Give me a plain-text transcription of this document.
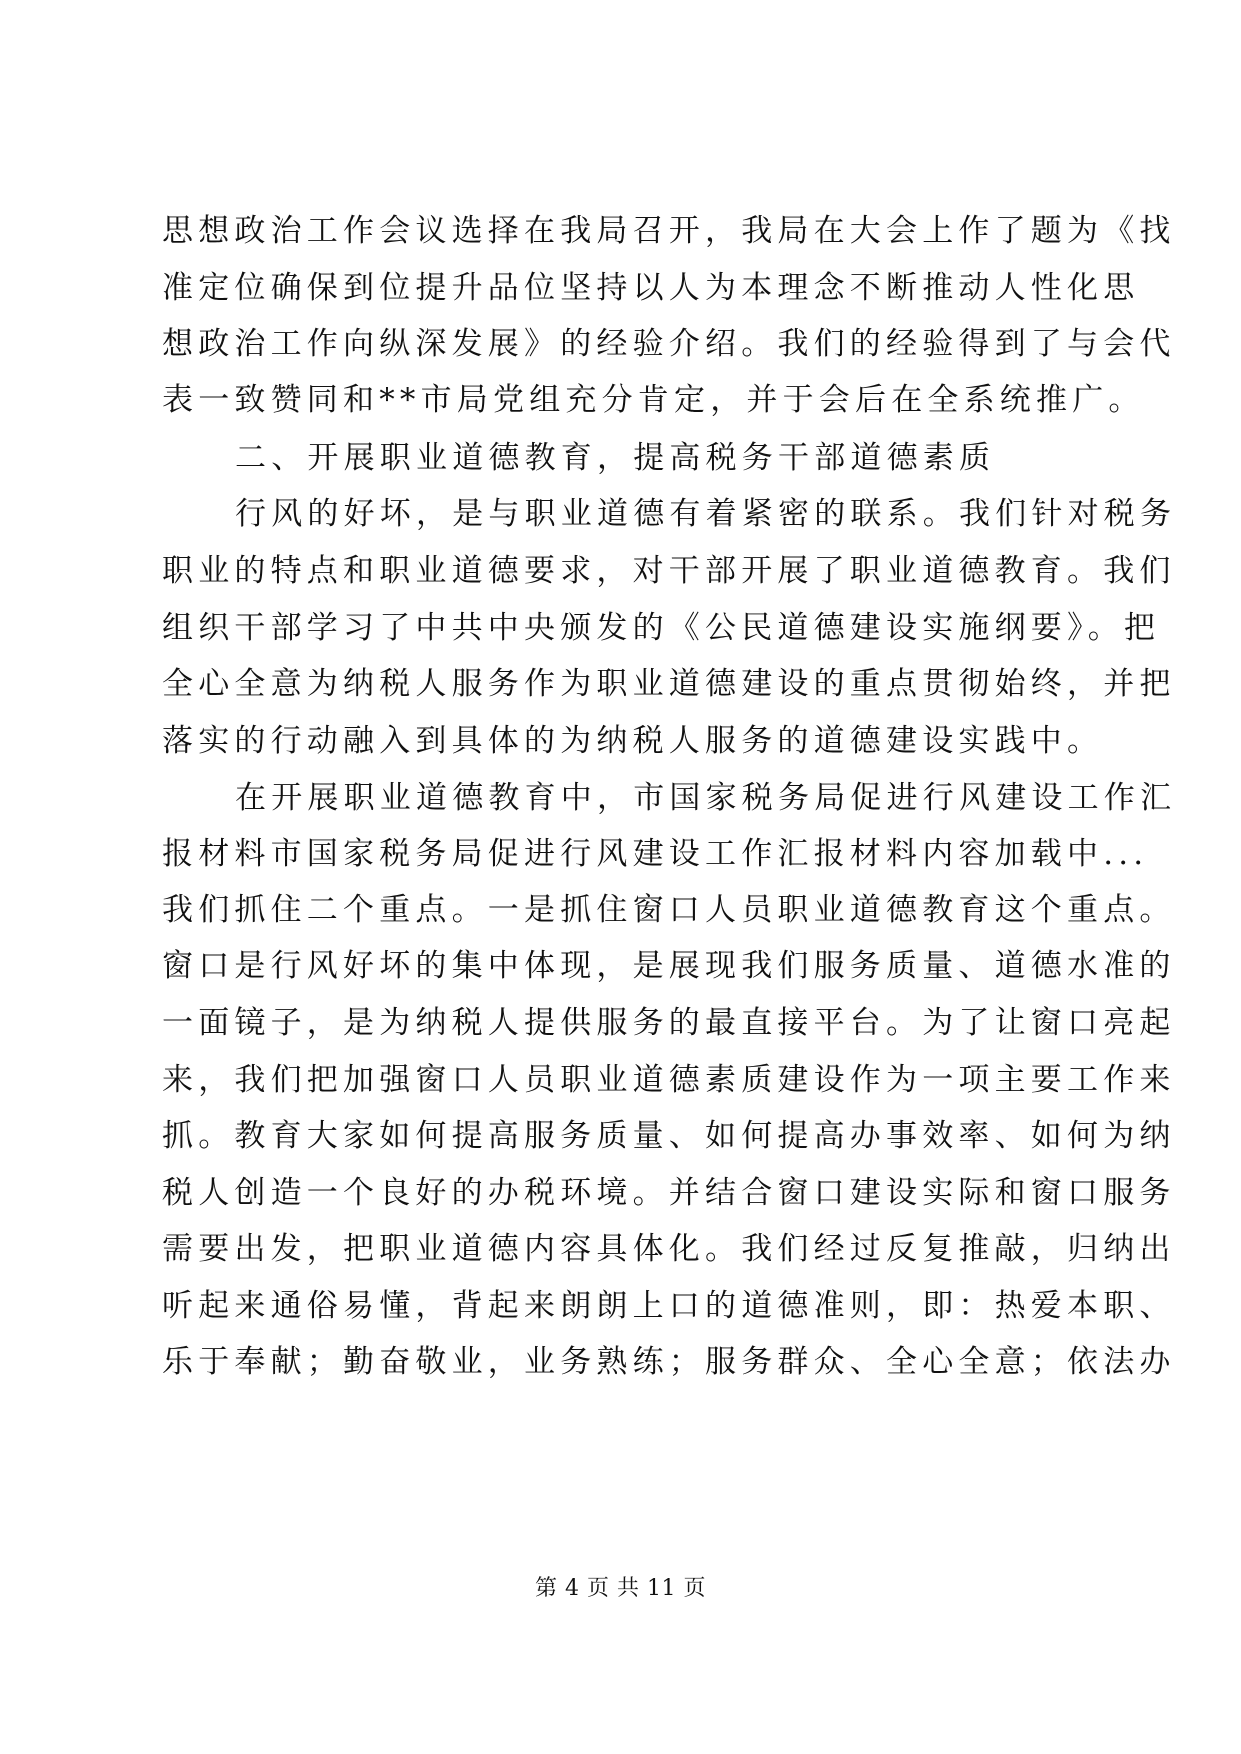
思想政治工作会议选择在我局召开，我局在大会上作了题为《找
准定位确保到位提升品位坚持以人为本理念不断推动人性化思
想政治工作向纵深发展》的经验介绍。我们的经验得到了与会代
表一致赞同和**市局党组充分肯定，并于会后在全系统推广。
二、开展职业道德教育，提高税务干部道德素质
行风的好坏，是与职业道德有着紧密的联系。我们针对税务
职业的特点和职业道德要求，对干部开展了职业道德教育。我们
组织干部学习了中共中央颁发的《公民道德建设实施纲要》。把
全心全意为纳税人服务作为职业道德建设的重点贯彻始终，并把
落实的行动融入到具体的为纳税人服务的道德建设实践中。
在开展职业道德教育中，市国家税务局促进行风建设工作汇
报材料市国家税务局促进行风建设工作汇报材料内容加载中...
我们抓住二个重点。一是抓住窗口人员职业道德教育这个重点。
窗口是行风好坏的集中体现，是展现我们服务质量、道德水准的
一面镜子，是为纳税人提供服务的最直接平台。为了让窗口亮起
来，我们把加强窗口人员职业道德素质建设作为一项主要工作来
抓。教育大家如何提高服务质量、如何提高办事效率、如何为纳
税人创造一个良好的办税环境。并结合窗口建设实际和窗口服务
需要出发，把职业道德内容具体化。我们经过反复推敲，归纳出
听起来通俗易懂，背起来朗朗上口的道德准则，即：热爱本职、
乐于奉献；勤奋敬业，业务熟练；服务群众、全心全意；依法办
第 4 页 共 11 页
